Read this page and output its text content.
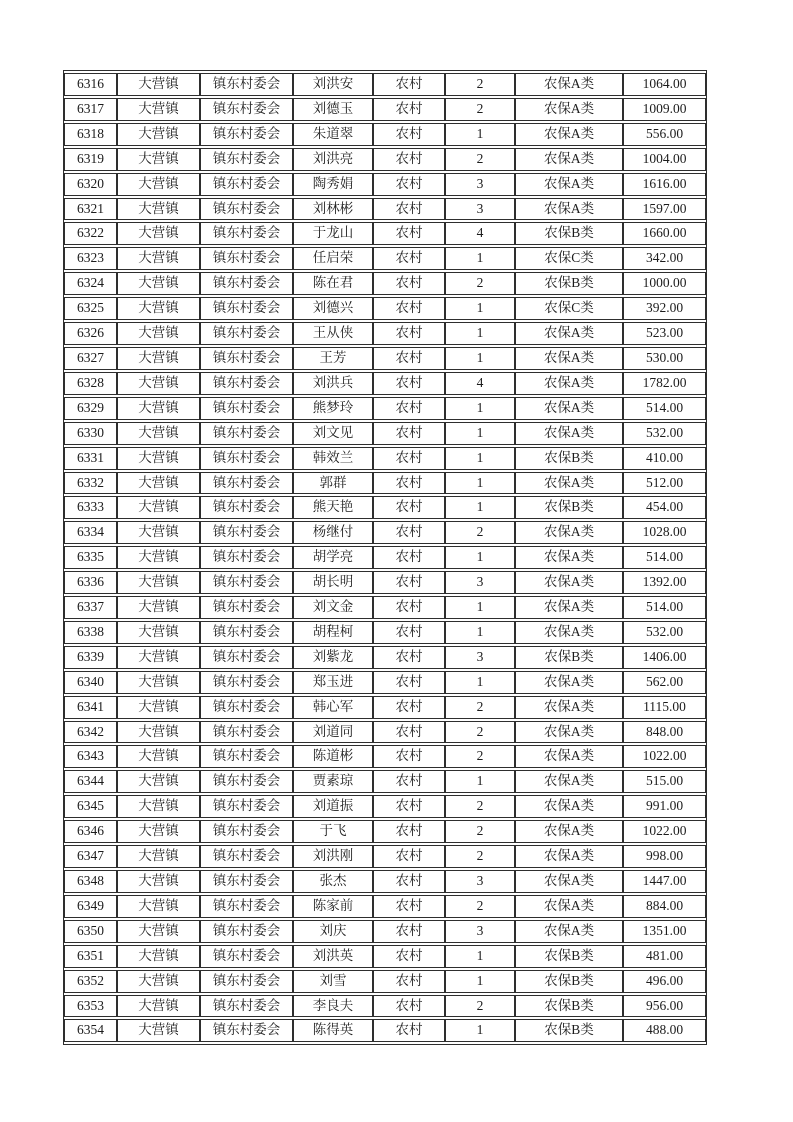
6316	大营镇	镇东村委会	刘洪安	农村	2	农保A类	1064.00
6317	大营镇	镇东村委会	刘德玉	农村	2	农保A类	1009.00
6318	大营镇	镇东村委会	朱道翠	农村	1	农保A类	556.00
6319	大营镇	镇东村委会	刘洪亮	农村	2	农保A类	1004.00
6320	大营镇	镇东村委会	陶秀娟	农村	3	农保A类	1616.00
6321	大营镇	镇东村委会	刘林彬	农村	3	农保A类	1597.00
6322	大营镇	镇东村委会	于龙山	农村	4	农保B类	1660.00
6323	大营镇	镇东村委会	任启荣	农村	1	农保C类	342.00
6324	大营镇	镇东村委会	陈在君	农村	2	农保B类	1000.00
6325	大营镇	镇东村委会	刘德兴	农村	1	农保C类	392.00
6326	大营镇	镇东村委会	王从侠	农村	1	农保A类	523.00
6327	大营镇	镇东村委会	王芳	农村	1	农保A类	530.00
6328	大营镇	镇东村委会	刘洪兵	农村	4	农保A类	1782.00
6329	大营镇	镇东村委会	熊梦玲	农村	1	农保A类	514.00
6330	大营镇	镇东村委会	刘文见	农村	1	农保A类	532.00
6331	大营镇	镇东村委会	韩效兰	农村	1	农保B类	410.00
6332	大营镇	镇东村委会	郭群	农村	1	农保A类	512.00
6333	大营镇	镇东村委会	熊天艳	农村	1	农保B类	454.00
6334	大营镇	镇东村委会	杨继付	农村	2	农保A类	1028.00
6335	大营镇	镇东村委会	胡学亮	农村	1	农保A类	514.00
6336	大营镇	镇东村委会	胡长明	农村	3	农保A类	1392.00
6337	大营镇	镇东村委会	刘文金	农村	1	农保A类	514.00
6338	大营镇	镇东村委会	胡程柯	农村	1	农保A类	532.00
6339	大营镇	镇东村委会	刘紫龙	农村	3	农保B类	1406.00
6340	大营镇	镇东村委会	郑玉进	农村	1	农保A类	562.00
6341	大营镇	镇东村委会	韩心军	农村	2	农保A类	1115.00
6342	大营镇	镇东村委会	刘道同	农村	2	农保A类	848.00
6343	大营镇	镇东村委会	陈道彬	农村	2	农保A类	1022.00
6344	大营镇	镇东村委会	贾素琼	农村	1	农保A类	515.00
6345	大营镇	镇东村委会	刘道振	农村	2	农保A类	991.00
6346	大营镇	镇东村委会	于飞	农村	2	农保A类	1022.00
6347	大营镇	镇东村委会	刘洪刚	农村	2	农保A类	998.00
6348	大营镇	镇东村委会	张杰	农村	3	农保A类	1447.00
6349	大营镇	镇东村委会	陈家前	农村	2	农保A类	884.00
6350	大营镇	镇东村委会	刘庆	农村	3	农保A类	1351.00
6351	大营镇	镇东村委会	刘洪英	农村	1	农保B类	481.00
6352	大营镇	镇东村委会	刘雪	农村	1	农保B类	496.00
6353	大营镇	镇东村委会	李良夫	农村	2	农保B类	956.00
6354	大营镇	镇东村委会	陈得英	农村	1	农保B类	488.00
